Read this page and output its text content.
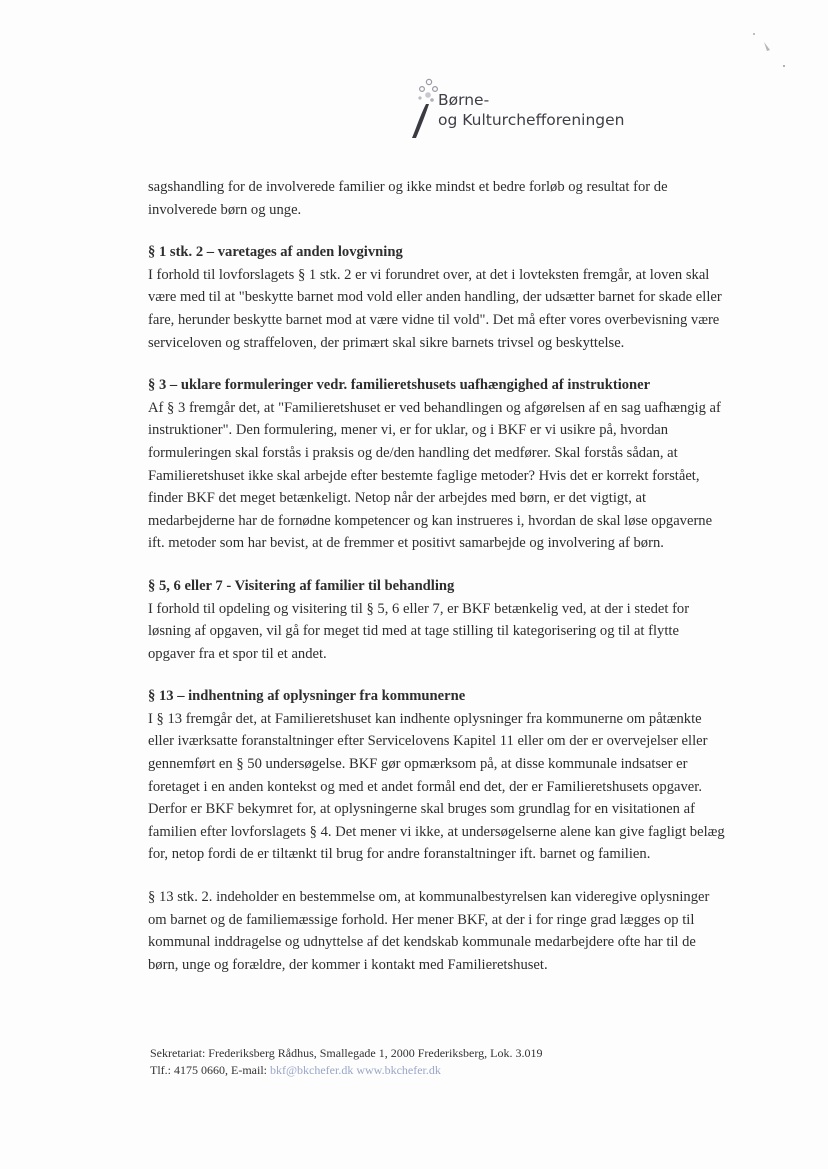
Børne-
og Kulturchefforeningen

sagshandling for de involverede familier og ikke mindst et bedre forløb og resultat for de involverede børn og unge.

§ 1 stk. 2 – varetages af anden lovgivning

I forhold til lovforslagets § 1 stk. 2 er vi forundret over, at det i lovteksten fremgår, at loven skal være med til at "beskytte barnet mod vold eller anden handling, der udsætter barnet for skade eller fare, herunder beskytte barnet mod at være vidne til vold". Det må efter vores overbevisning være serviceloven og straffeloven, der primært skal sikre barnets trivsel og beskyttelse.

§ 3 – uklare formuleringer vedr. familieretshusets uafhængighed af instruktioner

Af § 3 fremgår det, at "Familieretshuset er ved behandlingen og afgørelsen af en sag uafhængig af instruktioner". Den formulering, mener vi, er for uklar, og i BKF er vi usikre på, hvordan formuleringen skal forstås i praksis og de/den handling det medfører. Skal forstås sådan, at Familieretshuset ikke skal arbejde efter bestemte faglige metoder? Hvis det er korrekt forstået, finder BKF det meget betænkeligt. Netop når der arbejdes med børn, er det vigtigt, at medarbejderne har de fornødne kompetencer og kan instrueres i, hvordan de skal løse opgaverne ift. metoder som har bevist, at de fremmer et positivt samarbejde og involvering af børn.

§ 5, 6 eller 7 - Visitering af familier til behandling

I forhold til opdeling og visitering til § 5, 6 eller 7, er BKF betænkelig ved, at der i stedet for løsning af opgaven, vil gå for meget tid med at tage stilling til kategorisering og til at flytte opgaver fra et spor til et andet.

§ 13 – indhentning af oplysninger fra kommunerne

I § 13 fremgår det, at Familieretshuset kan indhente oplysninger fra kommunerne om påtænkte eller iværksatte foranstaltninger efter Servicelovens Kapitel 11 eller om der er overvejelser eller gennemført en § 50 undersøgelse. BKF gør opmærksom på, at disse kommunale indsatser er foretaget i en anden kontekst og med et andet formål end det, der er Familieretshusets opgaver. Derfor er BKF bekymret for, at oplysningerne skal bruges som grundlag for en visitationen af familien efter lovforslagets § 4. Det mener vi ikke, at undersøgelserne alene kan give fagligt belæg for, netop fordi de er tiltænkt til brug for andre foranstaltninger ift. barnet og familien.

§ 13 stk. 2. indeholder en bestemmelse om, at kommunalbestyrelsen kan videregive oplysninger om barnet og de familiemæssige forhold. Her mener BKF, at der i for ringe grad lægges op til kommunal inddragelse og udnyttelse af det kendskab kommunale medarbejdere ofte har til de børn, unge og forældre, der kommer i kontakt med Familieretshuset.

Sekretariat: Frederiksberg Rådhus, Smallegade 1, 2000 Frederiksberg, Lok. 3.019
Tlf.: 4175 0660, E-mail: bkf@bkchefer.dk www.bkchefer.dk
